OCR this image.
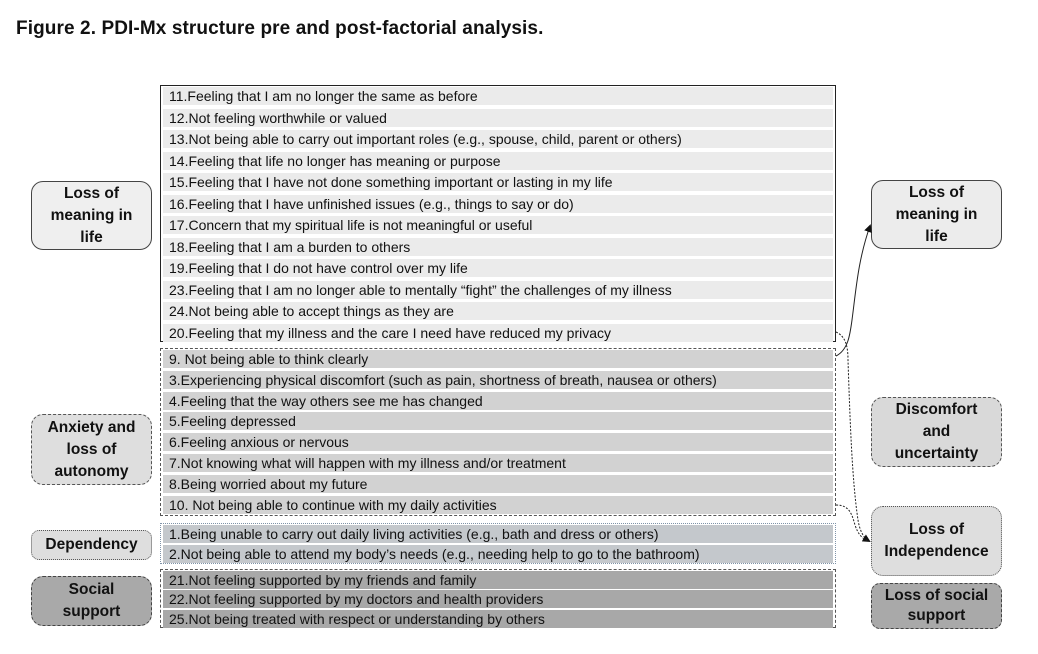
Figure 2. PDI-Mx structure pre and post-factorial analysis.
Loss of meaning in life
Anxiety and loss of autonomy
Dependency
Social support
11.Feeling that I am no longer the same as before
12.Not feeling worthwhile or valued
13.Not being able to carry out important roles (e.g., spouse, child, parent or others)
14.Feeling that life no longer has meaning or purpose
15.Feeling that I have not done something important or lasting in my life
16.Feeling that I have unfinished issues (e.g., things to say or do)
17.Concern that my spiritual life is not meaningful or useful
18.Feeling that I am a burden to others
19.Feeling that I do not have control over my life
23.Feeling that I am no longer able to mentally “fight” the challenges of my illness
24.Not being able to accept things as they are
20.Feeling that my illness and the care I need have reduced my privacy
9. Not being able to think clearly
3.Experiencing physical discomfort (such as pain, shortness of breath, nausea or others)
4.Feeling that the way others see me has changed
5.Feeling depressed
6.Feeling anxious or nervous
7.Not knowing what will happen with my illness and/or treatment
8.Being worried about my future
10. Not being able to continue with my daily activities
1.Being unable to carry out daily living activities (e.g., bath and dress or others)
2.Not being able to attend my body’s needs (e.g., needing help to go to the bathroom)
21.Not feeling supported by my friends and family
22.Not feeling supported by my doctors and health providers
25.Not being treated with respect or understanding by others
Loss of meaning in life
Discomfort and uncertainty
Loss of Independence
Loss of social support
